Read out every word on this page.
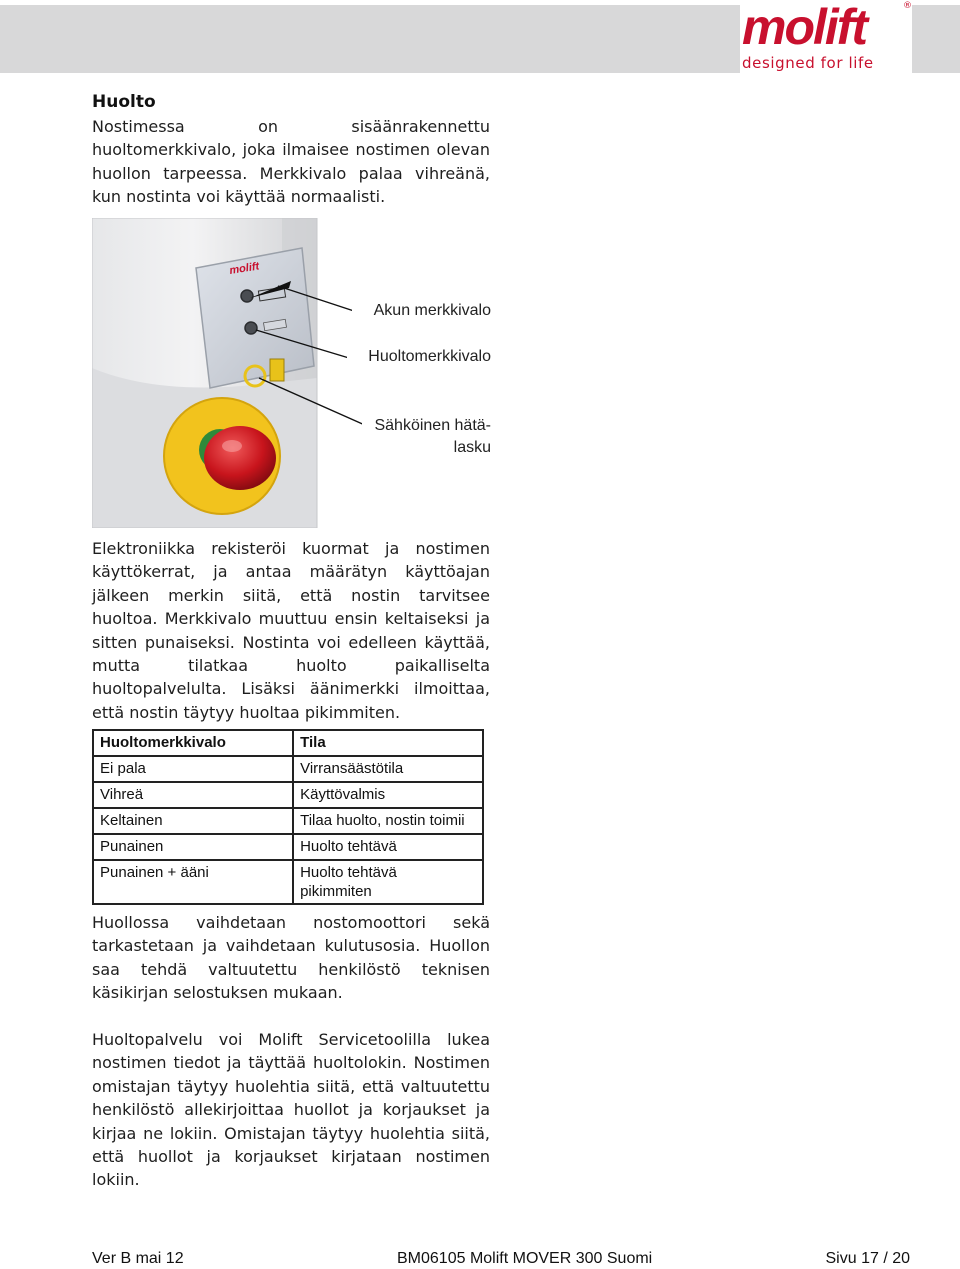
molift	®
designed for life
Huolto

Nostimessa on sisäänrakennettu huoltomerkkivalo, joka ilmaisee nostimen olevan huollon tarpeessa. Merkkivalo palaa vihreänä, kun nostinta voi käyttää normaalisti.

molift
Akun merkkivalo
Huoltomerkkivalo
Sähköinen hätä-
lasku

Elektroniikka rekisteröi kuormat ja nostimen käyttökerrat, ja antaa määrätyn käyttöajan jälkeen merkin siitä, että nostin tarvitsee huoltoa. Merkkivalo muuttuu ensin keltaiseksi ja sitten punaiseksi. Nostinta voi edelleen käyttää, mutta tilatkaa huolto paikalliselta huoltopalvelulta. Lisäksi äänimerkki ilmoittaa, että nostin täytyy huoltaa pikimmiten.

Huoltomerkkivalo	Tila
Ei pala	Virransäästötila
Vihreä	Käyttövalmis
Keltainen	Tilaa huolto, nostin toimii
Punainen	Huolto tehtävä
Punainen + ääni	Huolto tehtävä pikimmiten

Huollossa vaihdetaan nostomoottori sekä tarkastetaan ja vaihdetaan kulutusosia. Huollon saa tehdä valtuutettu henkilöstö teknisen käsikirjan selostuksen mukaan.

Huoltopalvelu voi Molift Servicetoolilla lukea nostimen tiedot ja täyttää huoltolokin. Nostimen omistajan täytyy huolehtia siitä, että valtuutettu henkilöstö allekirjoittaa huollot ja korjaukset ja kirjaa ne lokiin. Omistajan täytyy huolehtia siitä, että huollot ja korjaukset kirjataan nostimen lokiin.

Ver B mai 12	BM06105 Molift MOVER 300 Suomi	Sivu 17 / 20
